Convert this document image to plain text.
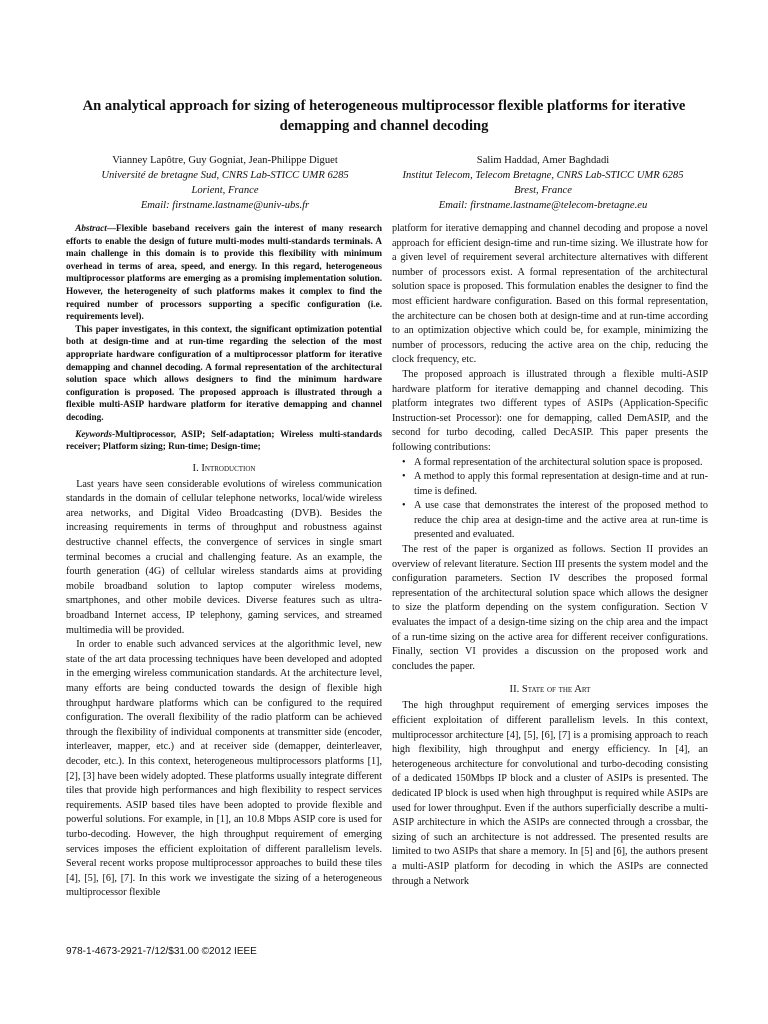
An analytical approach for sizing of heterogeneous multiprocessor flexible platforms for iterative demapping and channel decoding
Vianney Lapôtre, Guy Gogniat, Jean-Philippe Diguet
Université de bretagne Sud, CNRS Lab-STICC UMR 6285
Lorient, France
Email: firstname.lastname@univ-ubs.fr
Salim Haddad, Amer Baghdadi
Institut Telecom, Telecom Bretagne, CNRS Lab-STICC UMR 6285
Brest, France
Email: firstname.lastname@telecom-bretagne.eu

Abstract—Flexible baseband receivers gain the interest of many research efforts to enable the design of future multi-modes multi-standards terminals. A main challenge in this domain is to provide this flexibility with minimum overhead in terms of area, speed, and energy. In this regard, heterogeneous multiprocessor platforms are emerging as a promising implementation solution. However, the heterogeneity of such platforms makes it complex to find the required number of processors supporting a specific configuration (i.e. requirements level).

This paper investigates, in this context, the significant optimization potential both at design-time and at run-time regarding the selection of the most appropriate hardware configuration of a multiprocessor platform for iterative demapping and channel decoding. A formal representation of the architectural solution space which allows designers to find the minimum hardware configuration is proposed. The proposed approach is illustrated through a flexible multi-ASIP hardware platform for iterative demapping and channel decoding.

Keywords-Multiprocessor, ASIP; Self-adaptation; Wireless multi-standards receiver; Platform sizing; Run-time; Design-time;

I. Introduction

Last years have seen considerable evolutions of wireless communication standards in the domain of cellular telephone networks, local/wide wireless area networks, and Digital Video Broadcasting (DVB). Besides the increasing requirements in terms of throughput and robustness against destructive channel effects, the convergence of services in single smart terminal becomes a crucial and challenging feature. As an example, the fourth generation (4G) of cellular wireless standards aims at providing mobile broadband solution to laptop computer wireless modems, smartphones, and other mobile devices. Diverse features such as ultra-broadband Internet access, IP telephony, gaming services, and streamed multimedia will be provided.

In order to enable such advanced services at the algorithmic level, new state of the art data processing techniques have been developed and adopted in the emerging wireless communication standards. At the architecture level, many efforts are being conducted towards the design of flexible high throughput hardware platforms which can be configured to the required configuration. The overall flexibility of the radio platform can be achieved through the flexibility of individual components at transmitter side (encoder, interleaver, mapper, etc.) and at receiver side (demapper, deinterleaver, decoder, etc.). In this context, heterogeneous multiprocessors platforms [1], [2], [3] have been widely adopted. These platforms usually integrate different tiles that provide high performances and high flexibility to respect services requirements. ASIP based tiles have been adopted to provide flexible and powerful solutions. For example, in [1], an 10.8 Mbps ASIP core is used for turbo-decoding. However, the high throughput requirement of emerging services imposes the efficient exploitation of different parallelism levels. Several recent works propose multiprocessor approaches to build these tiles [4], [5], [6], [7]. In this work we investigate the sizing of a heterogeneous multiprocessor flexible

platform for iterative demapping and channel decoding and propose a novel approach for efficient design-time and run-time sizing. We illustrate how for a given level of requirement several architecture alternatives with different number of processors exist. A formal representation of the architectural solution space is proposed. This formulation enables the designer to find the most efficient hardware configuration. Based on this formal representation, the architecture can be chosen both at design-time and at run-time according to an optimization objective which could be, for example, minimizing the number of processors, reducing the active area on the chip, reducing the clock frequency, etc.

The proposed approach is illustrated through a flexible multi-ASIP hardware platform for iterative demapping and channel decoding. This platform integrates two different types of ASIPs (Application-Specific Instruction-set Processor): one for demapping, called DemASIP, and the second for turbo decoding, called DecASIP. This paper presents the following contributions:

• A formal representation of the architectural solution space is proposed.
• A method to apply this formal representation at design-time and at run-time is defined.
• A use case that demonstrates the interest of the proposed method to reduce the chip area at design-time and the active area at run-time is presented and evaluated.

The rest of the paper is organized as follows. Section II provides an overview of relevant literature. Section III presents the system model and the configuration parameters. Section IV describes the proposed formal representation of the architectural solution space which allows the designer to size the platform depending on the system configuration. Section V evaluates the impact of a design-time sizing on the chip area and the impact of a run-time sizing on the active area for different receiver configurations. Finally, section VI provides a discussion on the proposed work and concludes the paper.

II. State of the Art

The high throughput requirement of emerging services imposes the efficient exploitation of different parallelism levels. In this context, multiprocessor architecture [4], [5], [6], [7] is a promising approach to reach high flexibility, high throughput and energy efficiency. In [4], an heterogeneous architecture for convolutional and turbo-decoding consisting of a dedicated 150Mbps IP block and a cluster of ASIPs is presented. The dedicated IP block is used when high throughput is required while ASIPs are used for lower throughput. Even if the authors superficially describe a multi-ASIP architecture in which the ASIPs are connected through a crossbar, the sizing of such an architecture is not addressed. The presented results are limited to two ASIPs that share a memory. In [5] and [6], the authors present a multi-ASIP platform for decoding in which the ASIPs are connected through a Network

978-1-4673-2921-7/12/$31.00 ©2012 IEEE
